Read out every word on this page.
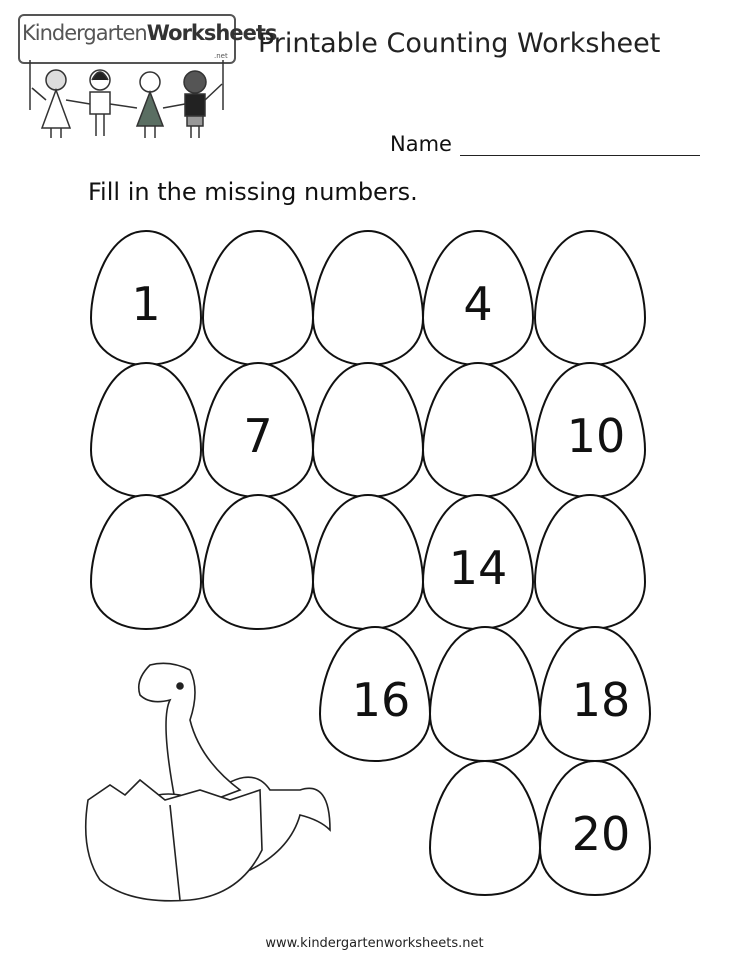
KindergartenWorksheets
.net
1	4
7	10
14
16	18
20
Printable Counting Worksheet
Name
Fill in the missing numbers.
www.kindergartenworksheets.net
